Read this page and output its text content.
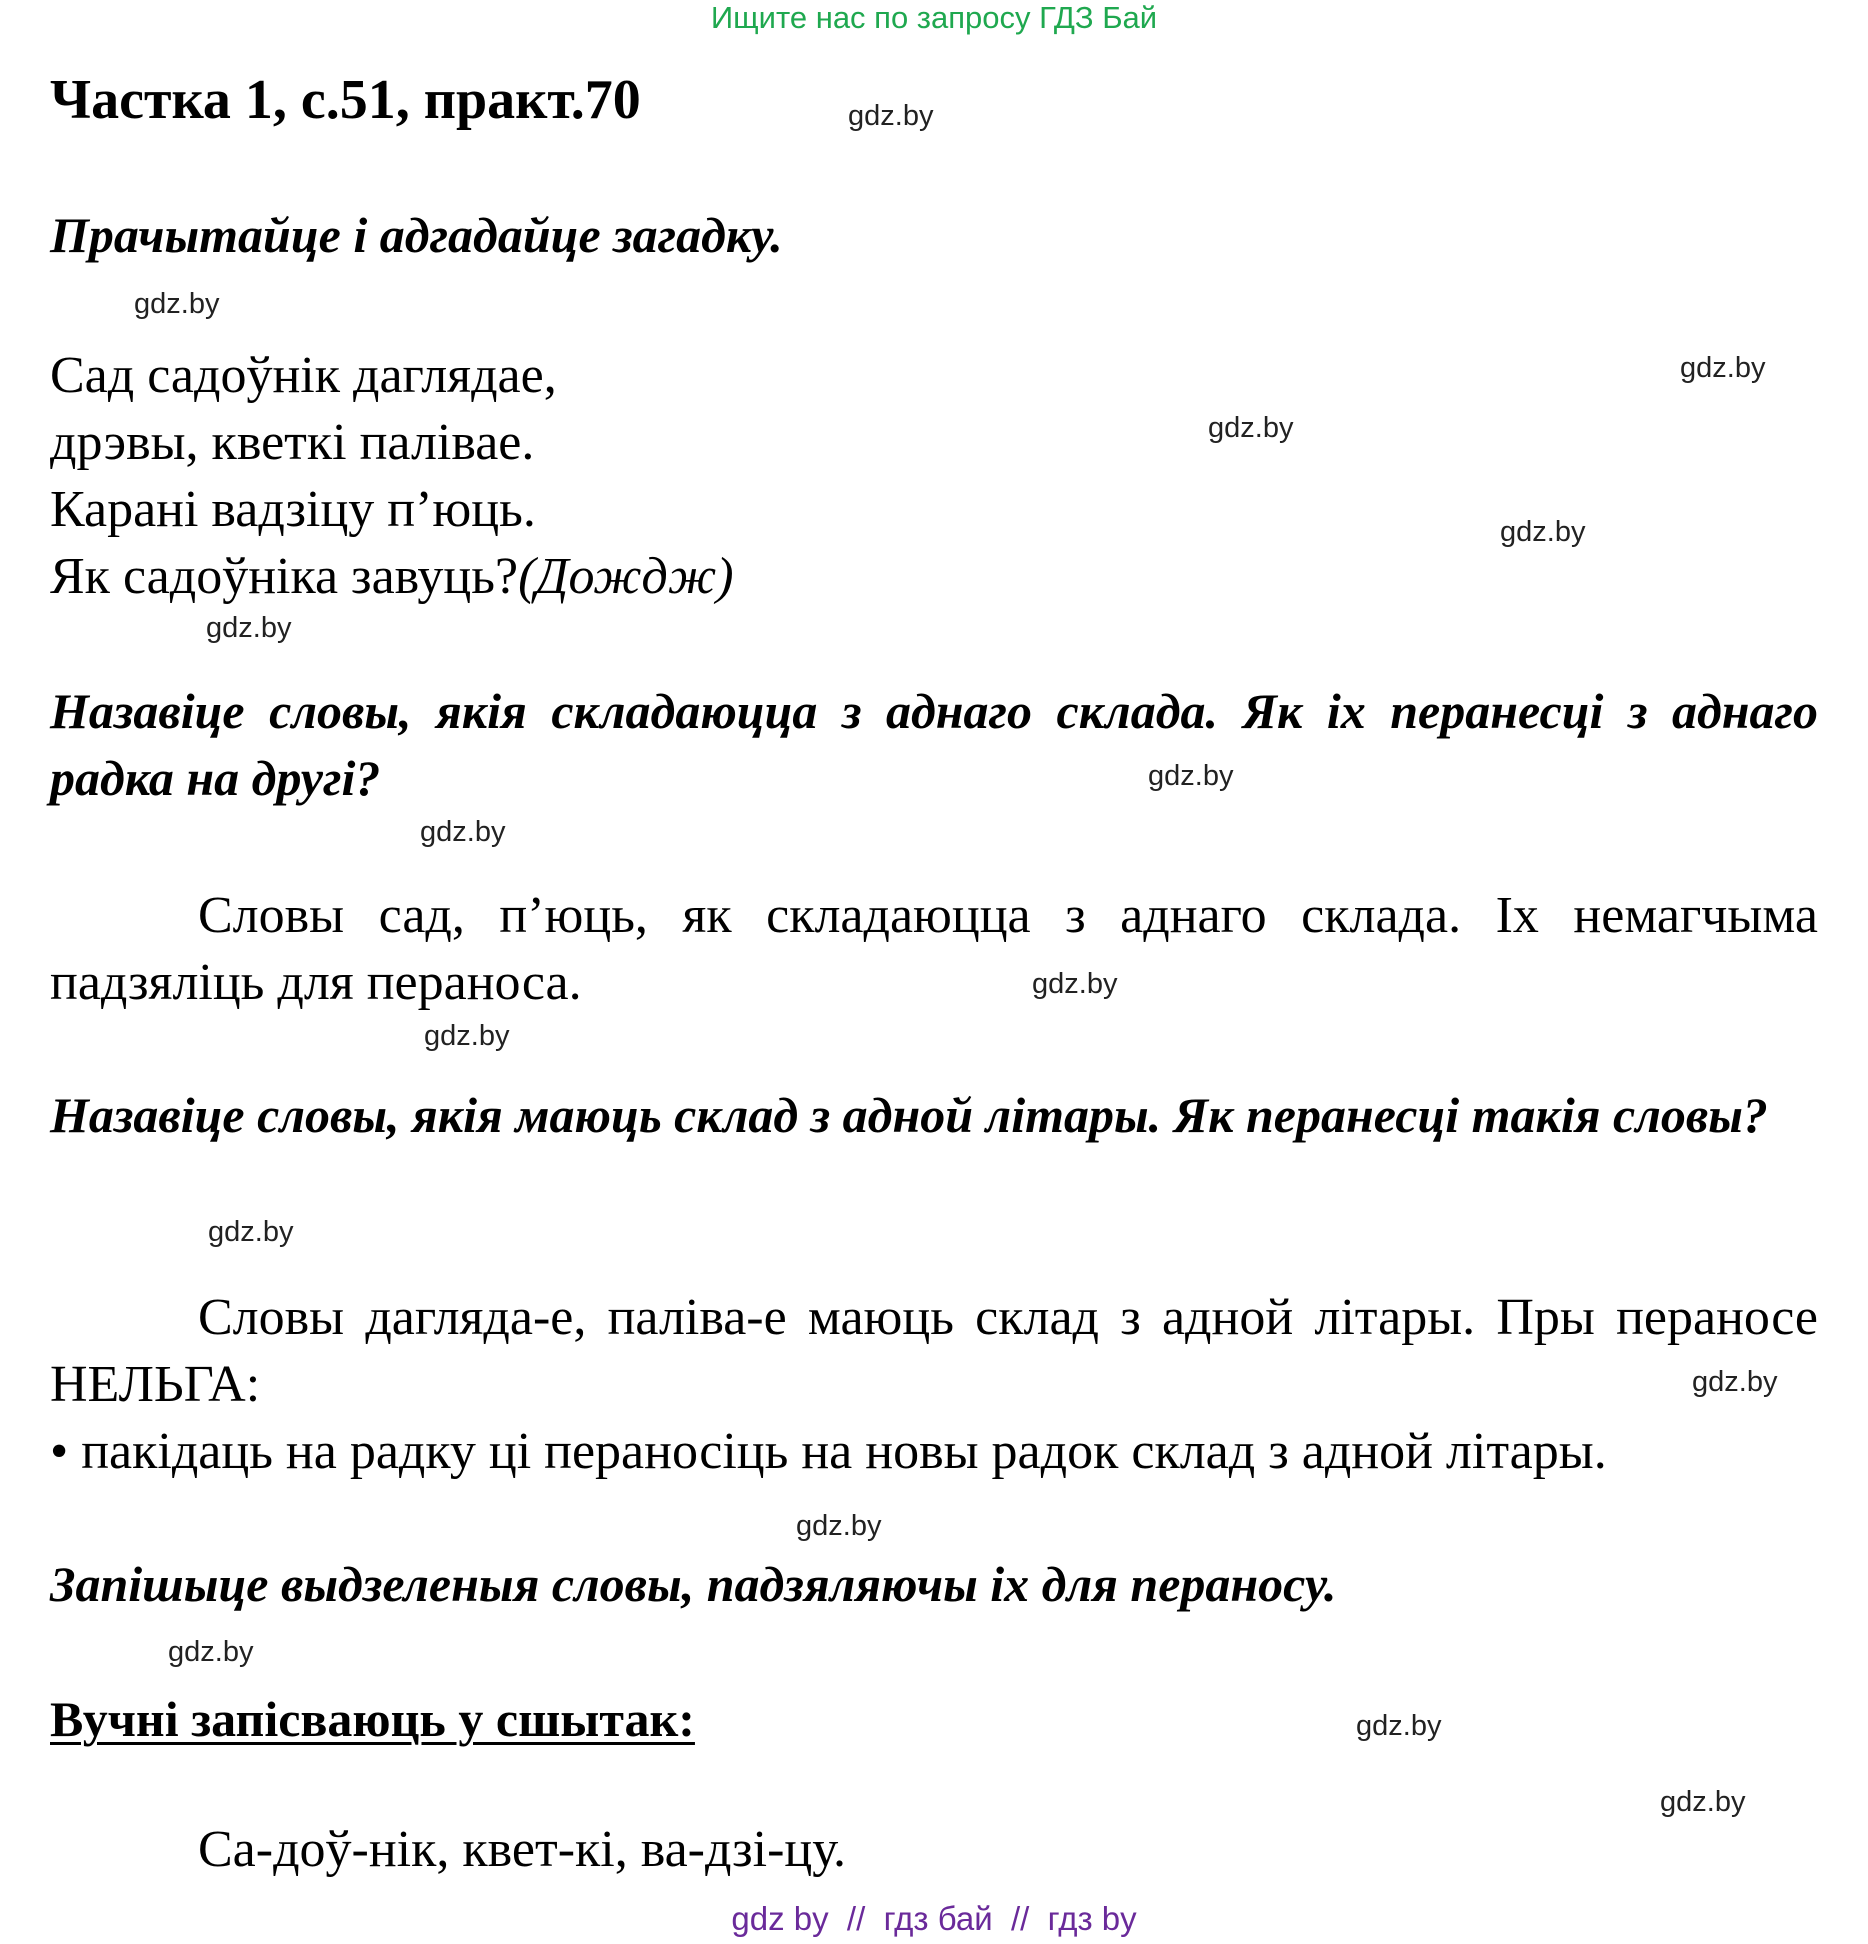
Ищите нас по запросу ГДЗ Бай
Частка 1, с.51, практ.70
Прачытайце і адгадайце загадку.
Сад садоўнік даглядае,
дрэвы, кветкі палівае.
Карані вадзіцу п’юць.
Як садоўніка завуць?(Дождж)
Назавіце словы, якія складаюцца з аднаго склада. Як іх перанесці з аднаго радка на другі?

Словы сад, п’юць, як складаюцца з аднаго склада. Іх немагчыма падзяліць для пераноса.

Назавіце словы, якія маюць склад з адной літары. Як перанесці такія словы?

Словы дагляда-е, паліва-е маюць склад з адной літары. Пры пераносе НЕЛЬГА:

• пакідаць на радку ці пераносіць на новы радок склад з адной літары.

Запішыце выдзеленыя словы, падзяляючы іх для пераносу.
Вучні запісваюць у сшытак:
Са-доў-нік, квет-кі, ва-дзі-цу.
gdz.by
gdz.by
gdz.by
gdz.by
gdz.by
gdz.by
gdz.by
gdz.by
gdz.by
gdz.by
gdz.by
gdz.by
gdz.by
gdz.by
gdz.by
gdz.by
gdz by // гдз бай // гдз by
